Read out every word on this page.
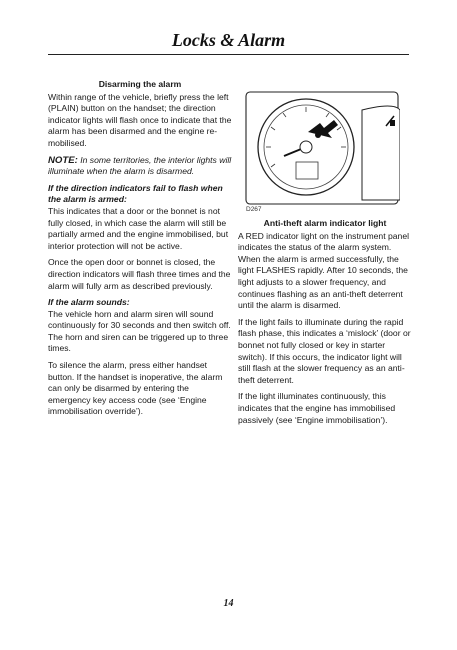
Locks & Alarm
Disarming the alarm

Within range of the vehicle, briefly press the left (PLAIN) button on the handset; the direction indicator lights will flash once to indicate that the alarm has been disarmed and the engine re-mobilised.

NOTE: In some territories, the interior lights will illuminate when the alarm is disarmed.

If the direction indicators fail to flash when the alarm is armed:

This indicates that a door or the bonnet is not fully closed, in which case the alarm will still be partially armed and the engine immobilised, but interior protection will not be active.

Once the open door or bonnet is closed, the direction indicators will flash three times and the alarm will fully arm as described previously.

If the alarm sounds:

The vehicle horn and alarm siren will sound continuously for 30 seconds and then switch off. The horn and siren can be triggered up to three times.

To silence the alarm, press either handset button. If the handset is inoperative, the alarm can only be disarmed by entering the emergency key access code (see ‘Engine immobilisation override’).

D267
Anti-theft alarm indicator light

A RED indicator light on the instrument panel indicates the status of the alarm system. When the alarm is armed successfully, the light FLASHES rapidly. After 10 seconds, the light adjusts to a slower frequency, and continues flashing as an anti-theft deterrent until the alarm is disarmed.

If the light fails to illuminate during the rapid flash phase, this indicates a ‘mislock’ (door or bonnet not fully closed or key in starter switch). If this occurs, the indicator light will still flash at the slower frequency as an anti-theft deterrent.

If the light illuminates continuously, this indicates that the engine has immobilised passively (see ‘Engine immobilisation’).

14
